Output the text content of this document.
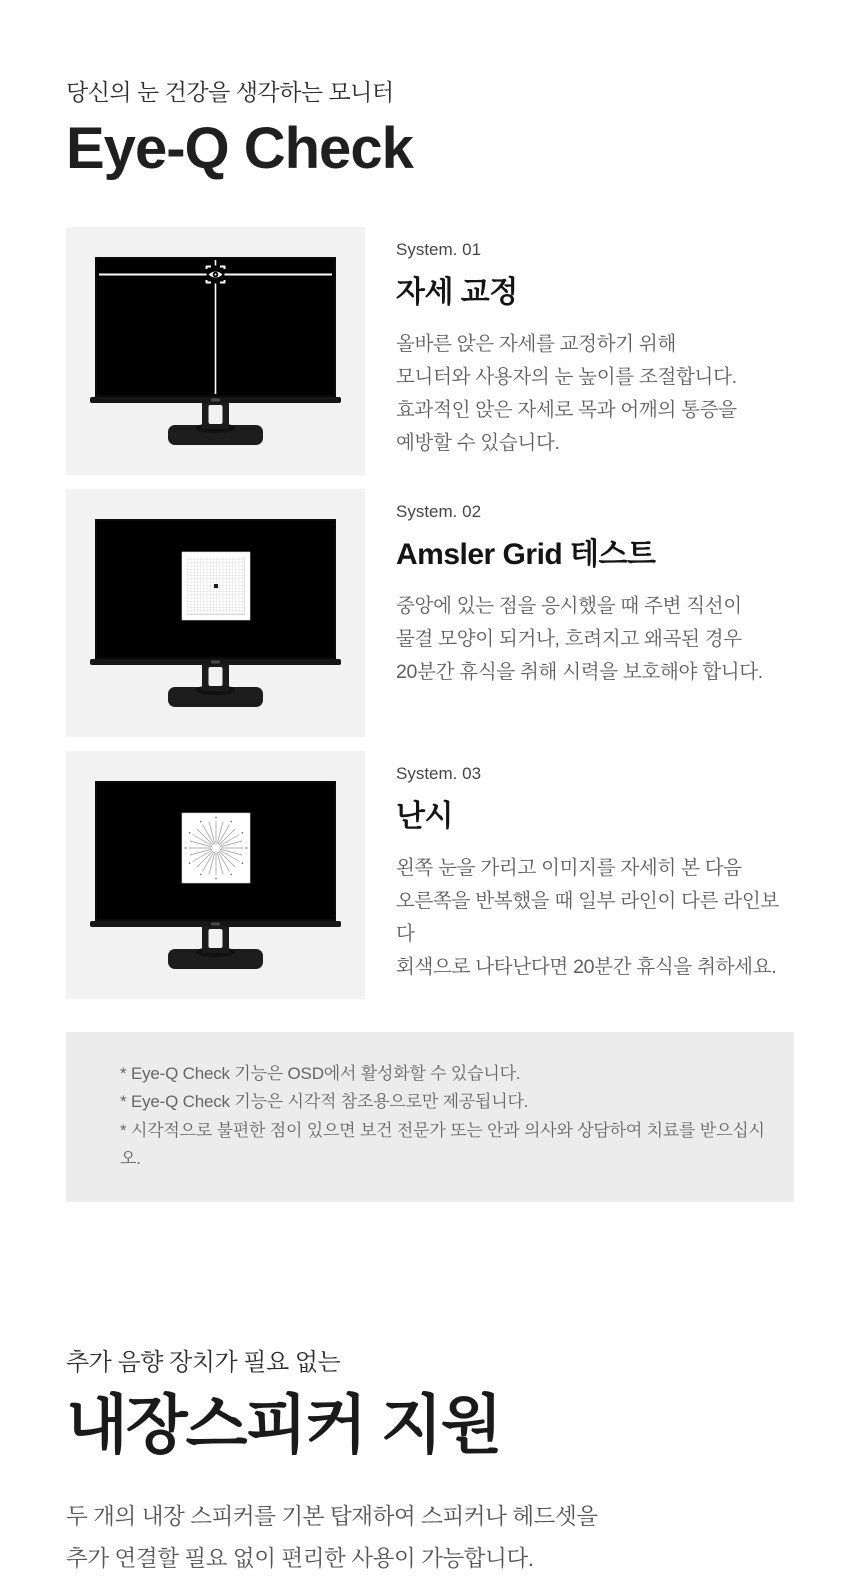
당신의 눈 건강을 생각하는 모니터

Eye-Q Check

System. 01

자세 교정

올바른 앉은 자세를 교정하기 위해

모니터와 사용자의 눈 높이를 조절합니다.

효과적인 앉은 자세로 목과 어깨의 통증을

예방할 수 있습니다.

System. 02

Amsler Grid 테스트

중앙에 있는 점을 응시했을 때 주변 직선이

물결 모양이 되거나, 흐려지고 왜곡된 경우

20분간 휴식을 취해 시력을 보호해야 합니다.

System. 03

난시

왼쪽 눈을 가리고 이미지를 자세히 본 다음

오른쪽을 반복했을 때 일부 라인이 다른 라인보다

회색으로 나타난다면 20분간 휴식을 취하세요.

* Eye-Q Check 기능은 OSD에서 활성화할 수 있습니다.

* Eye-Q Check 기능은 시각적 참조용으로만 제공됩니다.

* 시각적으로 불편한 점이 있으면 보건 전문가 또는 안과 의사와 상담하여 치료를 받으십시오.

추가 음향 장치가 필요 없는

내장스피커 지원

두 개의 내장 스피커를 기본 탑재하여 스피커나 헤드셋을

추가 연결할 필요 없이 편리한 사용이 가능합니다.
